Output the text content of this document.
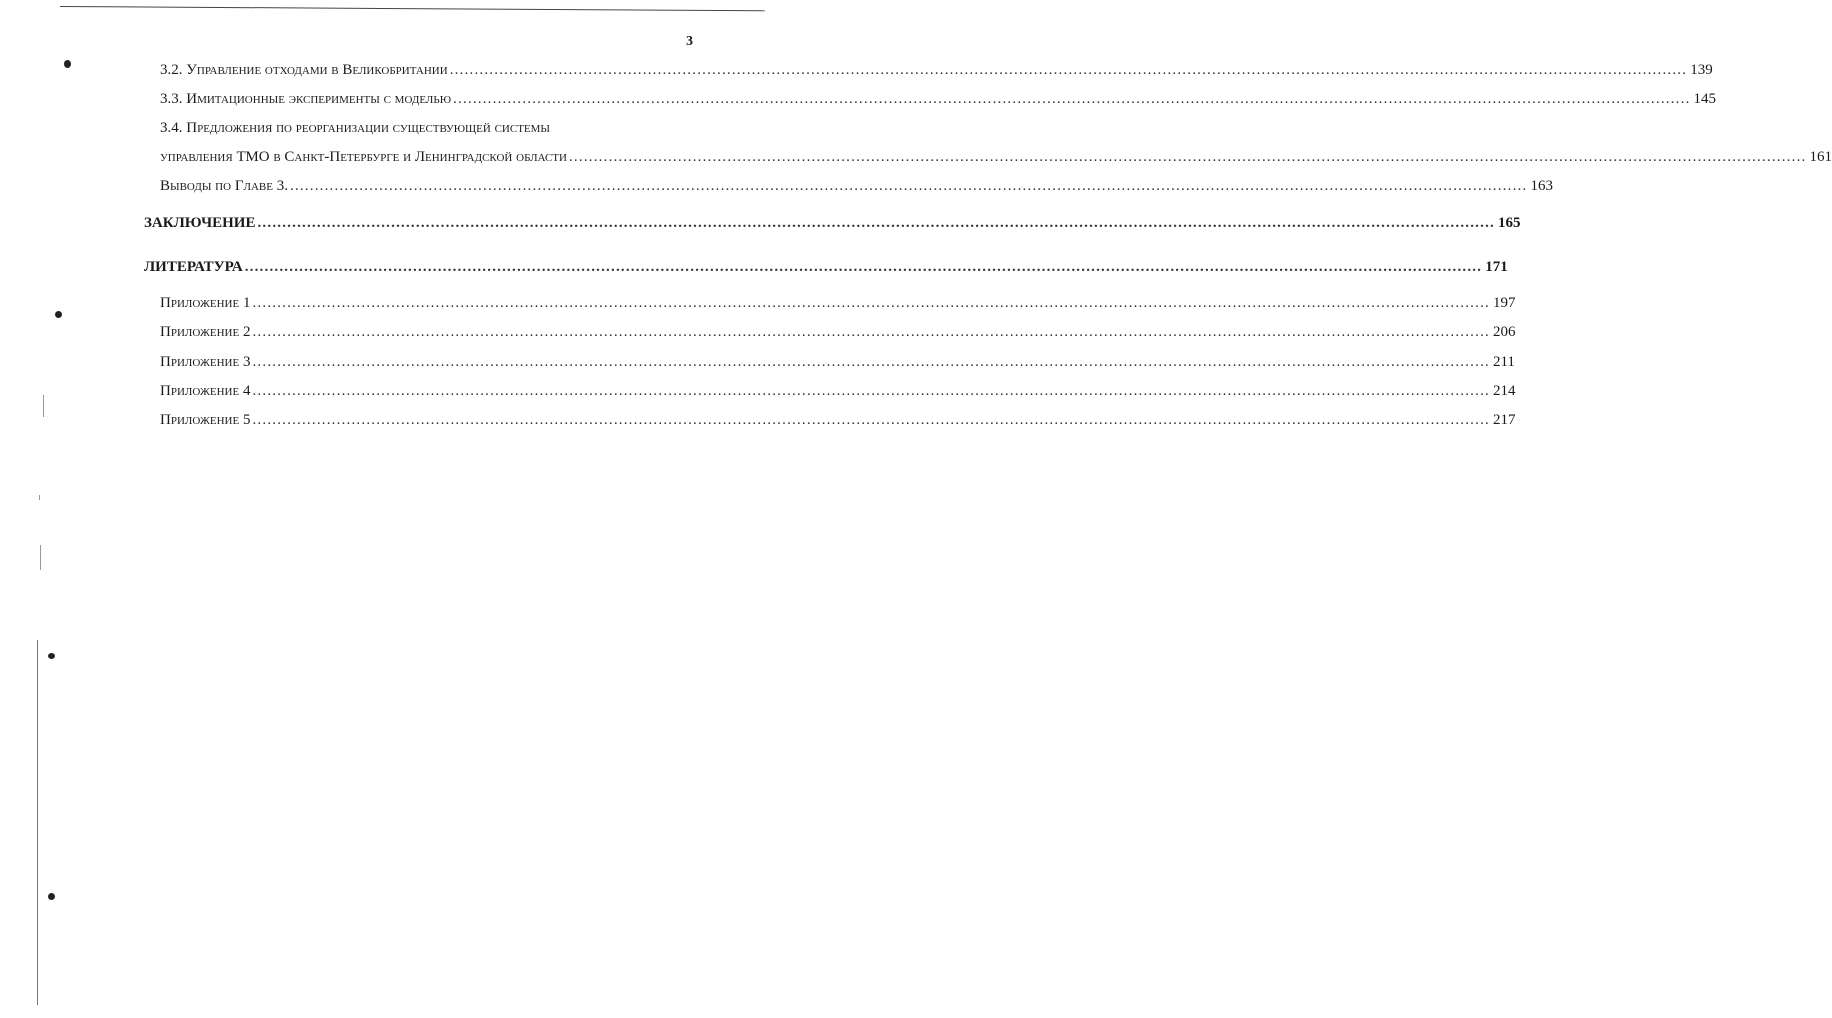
3
3.2. Управление отходами в Великобритании .....	139
3.3. Имитационные эксперименты с моделью .....	145
3.4. Предложения по реорганизации существующей системы
управления ТМО в Санкт-Петербурге и Ленинградской области .....	161
Выводы по Главе 3. .....	163
ЗАКЛЮЧЕНИЕ .....	165
ЛИТЕРАТУРА .....	171
Приложение 1 .....	197
Приложение 2 .....	206
Приложение 3 .....	211
Приложение 4 .....	214
Приложение 5 .....	217
